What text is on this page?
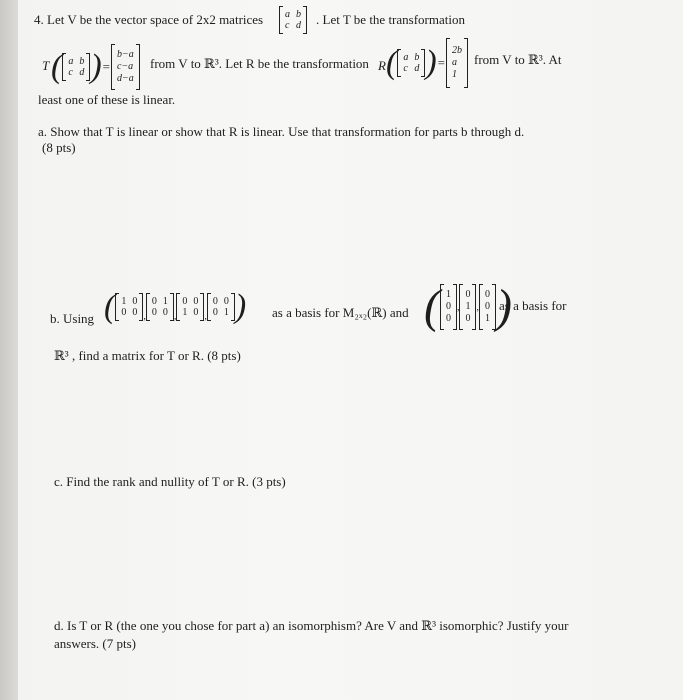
4. Let V be the vector space of 2x2 matrices a b
c d . Let T be the transformation
T ( a b
c d ) =
b−a
c−a
d−a
from V to ℝ³. Let R be the transformation R ( a b
c d ) =
2b
a
1
from V to ℝ³. At
least one of these is linear.
a. Show that T is linear or show that R is linear. Use that transformation for parts b through d.
(8 pts)
b. Using ( 1 0
0 0 ,
0 1
0 0 ,
0 0
1 0 ,
0 0
0 1 ) as a basis for M₂ₓ₂(ℝ) and ( 1
0
0
,
0
1
0
,
0
0
1 )
as a basis for
ℝ³ , find a matrix for T or R. (8 pts)
c. Find the rank and nullity of T or R. (3 pts)
d. Is T or R (the one you chose for part a) an isomorphism? Are V and ℝ³ isomorphic? Justify your
answers. (7 pts)
